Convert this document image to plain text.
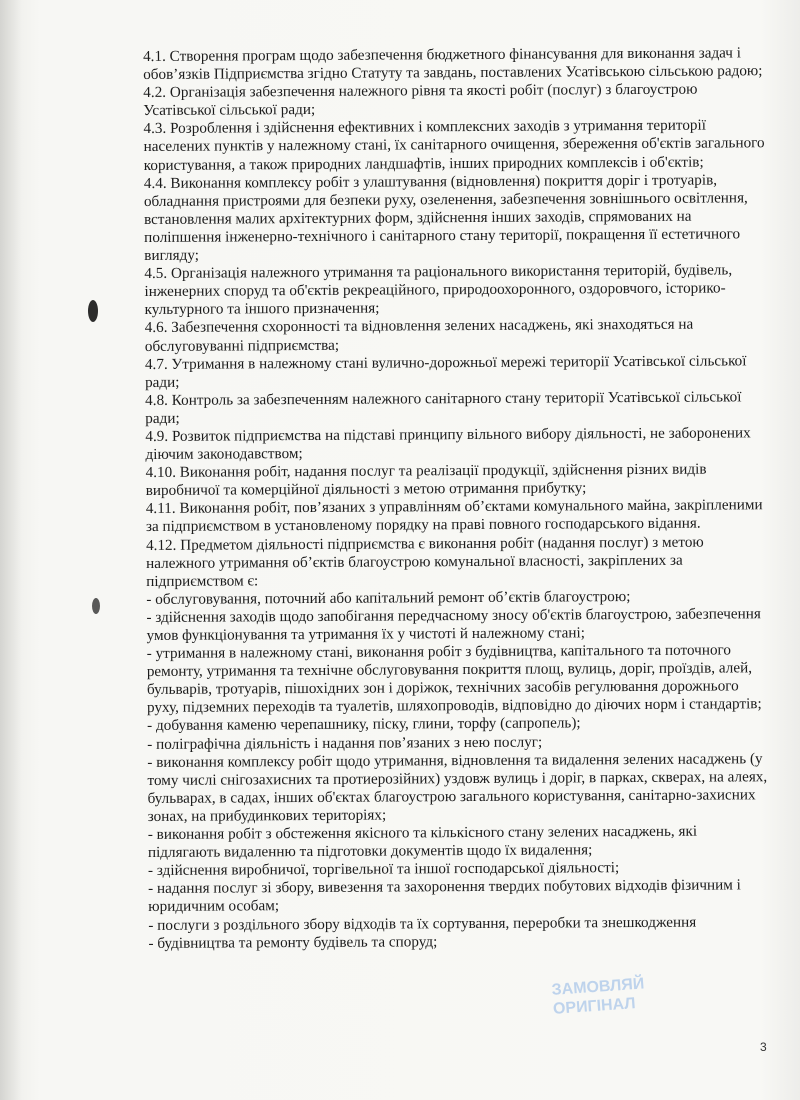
4.1. Створення програм щодо забезпечення бюджетного фінансування для виконання задач і обов’язків Підприємства згідно Статуту та завдань, поставлених Усатівською сільською радою;

4.2. Організація забезпечення належного рівня та якості робіт (послуг) з благоустрою Усатівської сільської ради;

4.3. Розроблення і здійснення ефективних і комплексних заходів з утримання території населених пунктів у належному стані, їх санітарного очищення, збереження об'єктів загального користування, а також природних ландшафтів, інших природних комплексів і об'єктів;

4.4. Виконання комплексу робіт з улаштування (відновлення) покриття доріг і тротуарів, обладнання пристроями для безпеки руху, озеленення, забезпечення зовнішнього освітлення, встановлення малих архітектурних форм, здійснення інших заходів, спрямованих на поліпшення інженерно-технічного і санітарного стану території, покращення її естетичного вигляду;

4.5. Організація належного утримання та раціонального використання територій, будівель, інженерних споруд та об'єктів рекреаційного, природоохоронного, оздоровчого, історико-культурного та іншого призначення;

4.6. Забезпечення схоронності та відновлення зелених насаджень, які знаходяться на обслуговуванні підприємства;

4.7. Утримання в належному стані вулично-дорожньої мережі території Усатівської сільської ради;

4.8. Контроль за забезпеченням належного санітарного стану території Усатівської сільської ради;

4.9. Розвиток підприємства на підставі принципу вільного вибору діяльності, не заборонених діючим законодавством;

4.10. Виконання робіт, надання послуг та реалізації продукції, здійснення різних видів виробничої та комерційної діяльності з метою отримання прибутку;

4.11. Виконання робіт, пов’язаних з управлінням об’єктами комунального майна, закріпленими за підприємством в установленому порядку на праві повного господарського відання.

4.12. Предметом діяльності підприємства є виконання робіт (надання послуг) з метою належного утримання об’єктів благоустрою комунальної власності, закріплених за підприємством є:

- обслуговування, поточний або капітальний ремонт об’єктів благоустрою;

- здійснення заходів щодо запобігання передчасному зносу об'єктів благоустрою, забезпечення умов функціонування та утримання їх у чистоті й належному стані;

- утримання в належному стані, виконання робіт з будівництва, капітального та поточного ремонту, утримання та технічне обслуговування покриття площ, вулиць, доріг, проїздів, алей, бульварів, тротуарів, пішохідних зон і доріжок, технічних засобів регулювання дорожнього руху, підземних переходів та туалетів, шляхопроводів, відповідно до діючих норм і стандартів;

- добування каменю черепашнику, піску, глини, торфу (сапропель);

- поліграфічна діяльність і надання пов’язаних з нею послуг;

- виконання комплексу робіт щодо утримання, відновлення та видалення зелених насаджень (у тому числі снігозахисних та протиерозійних) уздовж вулиць і доріг, в парках, скверах, на алеях, бульварах, в садах, інших об'єктах благоустрою загального користування, санітарно-захисних зонах, на прибудинкових територіях;

- виконання робіт з обстеження якісного та кількісного стану зелених насаджень, які підлягають видаленню та підготовки документів щодо їх видалення;

- здійснення виробничої, торгівельної та іншої господарської діяльності;

- надання послуг зі збору, вивезення та захоронення твердих побутових відходів фізичним і юридичним особам;

- послуги з роздільного збору відходів та їх сортування, переробки та знешкодження

- будівництва та ремонту будівель та споруд;

ЗАМОВЛЯЙ ОРИГІНАЛ
3
